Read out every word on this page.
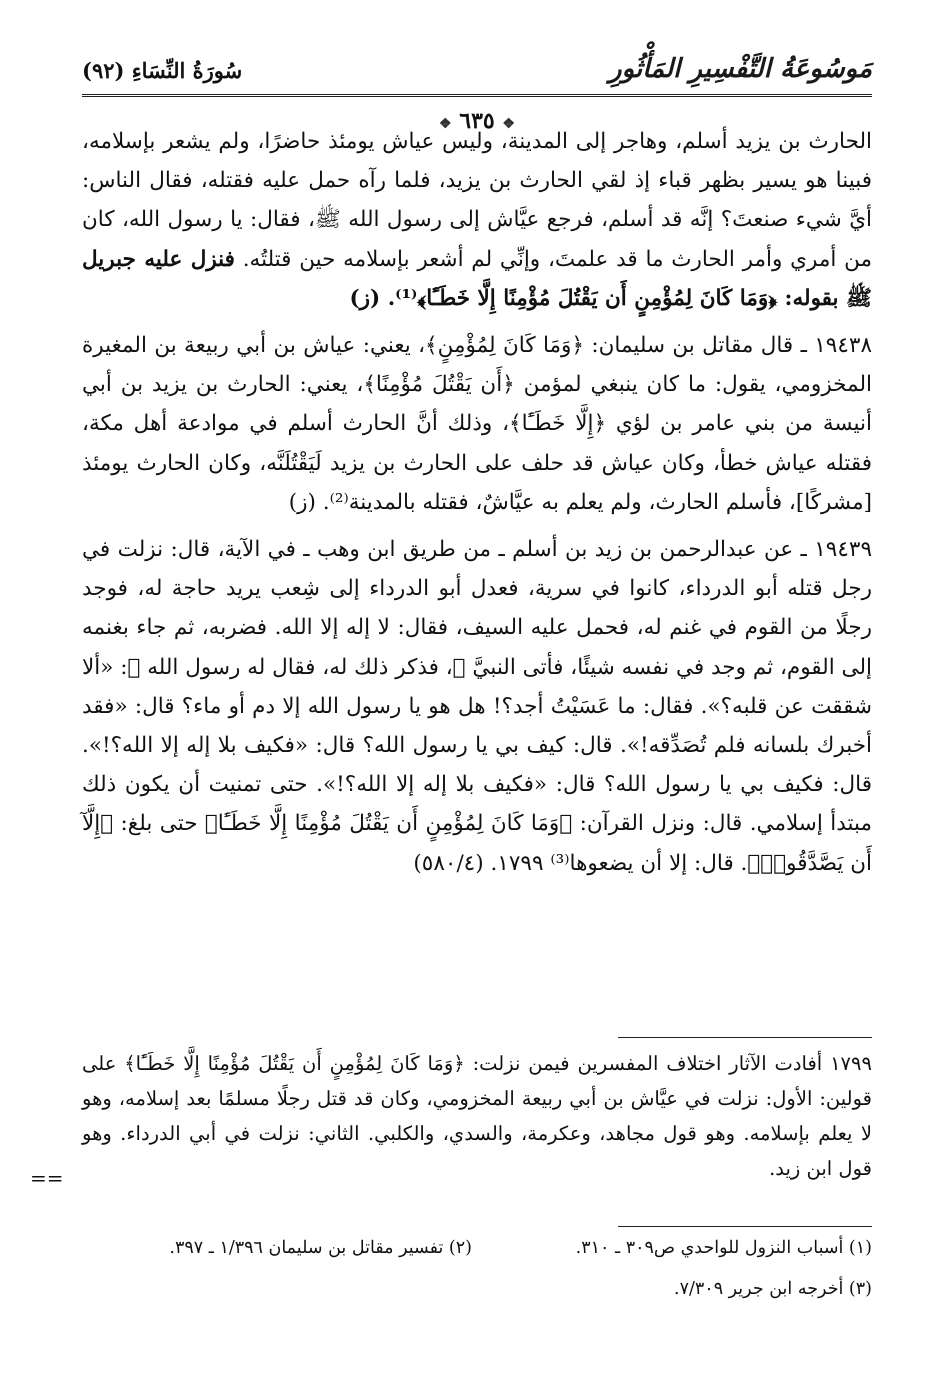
مَوسُوعَةُ التَّفْسِيرِ المَأْثُورِ
سُورَةُ النِّسَاءِ (٩٢)
❖ ٦٣٥ ❖

الحارث بن يزيد أسلم، وهاجر إلى المدينة، وليس عياش يومئذ حاضرًا، ولم يشعر بإسلامه، فبينا هو يسير بظهر قباء إذ لقي الحارث بن يزيد، فلما رآه حمل عليه فقتله، فقال الناس: أيَّ شيء صنعتَ؟ إنَّه قد أسلم، فرجع عيَّاش إلى رسول الله ﷺ، فقال: يا رسول الله، كان من أمري وأمر الحارث ما قد علمتَ، وإنِّي لم أشعر بإسلامه حين قتلتُه. فنزل عليه جبريل ﷺ بقوله: ﴿وَمَا كَانَ لِمُؤْمِنٍ أَن يَقْتُلَ مُؤْمِنًا إِلَّا خَطَـًٔا﴾⁽¹⁾. (ز)

١٩٤٣٨ ـ قال مقاتل بن سليمان: ﴿وَمَا كَانَ لِمُؤْمِنٍ﴾، يعني: عياش بن أبي ربيعة بن المغيرة المخزومي، يقول: ما كان ينبغي لمؤمن ﴿أَن يَقْتُلَ مُؤْمِنًا﴾، يعني: الحارث بن يزيد بن أبي أنيسة من بني عامر بن لؤي ﴿إِلَّا خَطَـًٔا﴾، وذلك أنَّ الحارث أسلم في موادعة أهل مكة، فقتله عياش خطأ، وكان عياش قد حلف على الحارث بن يزيد لَيَقْتُلَنَّه، وكان الحارث يومئذ [مشركًا]، فأسلم الحارث، ولم يعلم به عيَّاشٌ، فقتله بالمدينة⁽²⁾. (ز)

١٩٤٣٩ ـ عن عبدالرحمن بن زيد بن أسلم ـ من طريق ابن وهب ـ في الآية، قال: نزلت في رجل قتله أبو الدرداء، كانوا في سرية، فعدل أبو الدرداء إلى شِعب يريد حاجة له، فوجد رجلًا من القوم في غنم له، فحمل عليه السيف، فقال: لا إله إلا الله. فضربه، ثم جاء بغنمه إلى القوم، ثم وجد في نفسه شيئًا، فأتى النبيَّ ﷺ، فذكر ذلك له، فقال له رسول الله ﷺ: «ألا شققت عن قلبه؟». فقال: ما عَسَيْتُ أجد؟! هل هو يا رسول الله إلا دم أو ماء؟ قال: «فقد أخبرك بلسانه فلم تُصَدِّقه!». قال: كيف بي يا رسول الله؟ قال: «فكيف بلا إله إلا الله؟!». قال: فكيف بي يا رسول الله؟ قال: «فكيف بلا إله إلا الله؟!». حتى تمنيت أن يكون ذلك مبتدأ إسلامي. قال: ونزل القرآن: ﴿وَمَا كَانَ لِمُؤْمِنٍ أَن يَقْتُلَ مُؤْمِنًا إِلَّا خَطَـًٔا﴾ حتى بلغ: ﴿إِلَّآ أَن يَصَّدَّقُوا۟﴾. قال: إلا أن يضعوها⁽³⁾ ١٧٩٩. (٥٨٠/٤)

١٧٩٩ أفادت الآثار اختلاف المفسرين فيمن نزلت: ﴿وَمَا كَانَ لِمُؤْمِنٍ أَن يَقْتُلَ مُؤْمِنًا إِلَّا خَطَـًٔا﴾ على قولين: الأول: نزلت في عيَّاش بن أبي ربيعة المخزومي، وكان قد قتل رجلًا مسلمًا بعد إسلامه، وهو لا يعلم بإسلامه. وهو قول مجاهد، وعكرمة، والسدي، والكلبي. الثاني: نزلت في أبي الدرداء. وهو قول ابن زيد.

==
(١) أسباب النزول للواحدي ص٣٠٩ ـ ٣١٠.
(٢) تفسير مقاتل بن سليمان ١/٣٩٦ ـ ٣٩٧.
(٣) أخرجه ابن جرير ٧/٣٠٩.
